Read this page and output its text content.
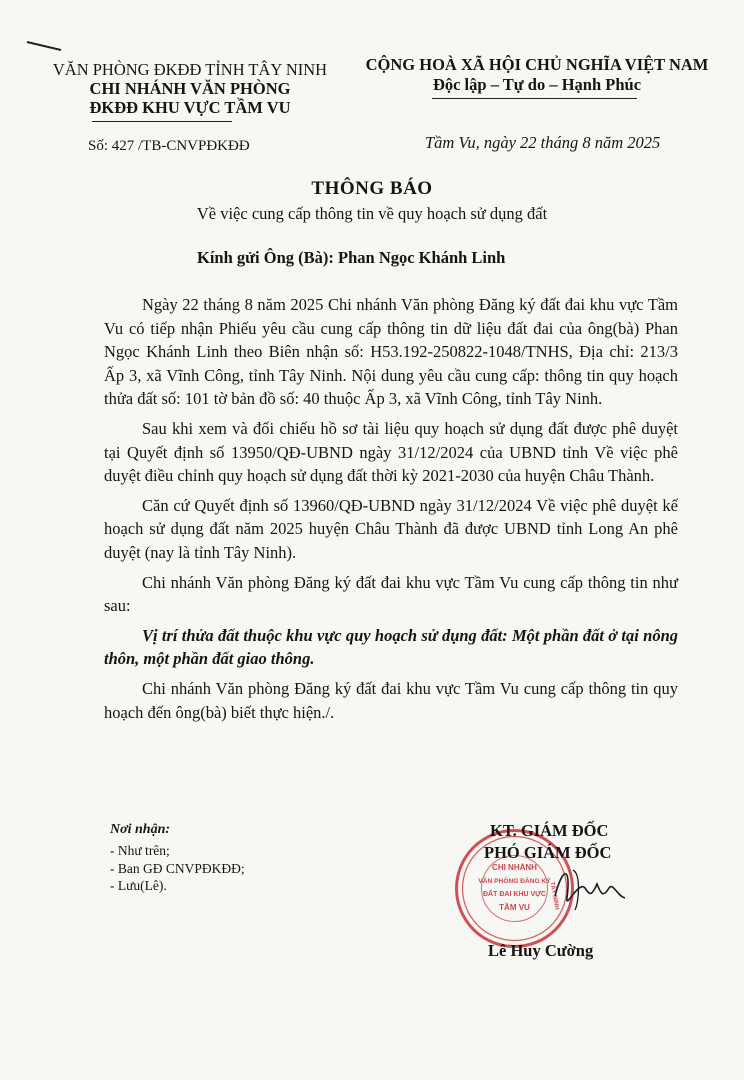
VĂN PHÒNG ĐKĐĐ TỈNH TÂY NINH
CHI NHÁNH VĂN PHÒNG
ĐKĐĐ KHU VỰC TẦM VU
CỘNG HOÀ XÃ HỘI CHỦ NGHĨA VIỆT NAM
Độc lập – Tự do – Hạnh Phúc
Số: 427 /TB-CNVPĐKĐĐ	Tầm Vu, ngày 22 tháng 8 năm 2025
THÔNG BÁO
Về việc cung cấp thông tin về quy hoạch sử dụng đất
Kính gửi Ông (Bà): Phan Ngọc Khánh Linh

Ngày 22 tháng 8 năm 2025 Chi nhánh Văn phòng Đăng ký đất đai khu vực Tầm Vu có tiếp nhận Phiếu yêu cầu cung cấp thông tin dữ liệu đất đai của ông(bà) Phan Ngọc Khánh Linh theo Biên nhận số: H53.192-250822-1048/TNHS, Địa chỉ: 213/3 Ấp 3, xã Vĩnh Công, tỉnh Tây Ninh. Nội dung yêu cầu cung cấp: thông tin quy hoạch thửa đất số: 101 tờ bản đồ số: 40 thuộc Ấp 3, xã Vĩnh Công, tỉnh Tây Ninh.

Sau khi xem và đối chiếu hồ sơ tài liệu quy hoạch sử dụng đất được phê duyệt tại Quyết định số 13950/QĐ-UBND ngày 31/12/2024 của UBND tỉnh Về việc phê duyệt điều chỉnh quy hoạch sử dụng đất thời kỳ 2021-2030 của huyện Châu Thành.

Căn cứ Quyết định số 13960/QĐ-UBND ngày 31/12/2024 Về việc phê duyệt kế hoạch sử dụng đất năm 2025 huyện Châu Thành đã được UBND tỉnh Long An phê duyệt (nay là tỉnh Tây Ninh).

Chi nhánh Văn phòng Đăng ký đất đai khu vực Tầm Vu cung cấp thông tin như sau:

Vị trí thửa đất thuộc khu vực quy hoạch sử dụng đất: Một phần đất ở tại nông thôn, một phần đất giao thông.

Chi nhánh Văn phòng Đăng ký đất đai khu vực Tầm Vu cung cấp thông tin quy hoạch đến ông(bà) biết thực hiện./.

Nơi nhận:
- Như trên;
- Ban GĐ CNVPĐKĐĐ;
- Lưu(Lê).
CHI NHÁNH
VĂN PHÒNG ĐĂNG KÝ
ĐẤT ĐAI KHU VỰC
TẦM VU	TÂY NINH
KT. GIÁM ĐỐC
PHÓ GIÁM ĐỐC
Lê Huy Cường
